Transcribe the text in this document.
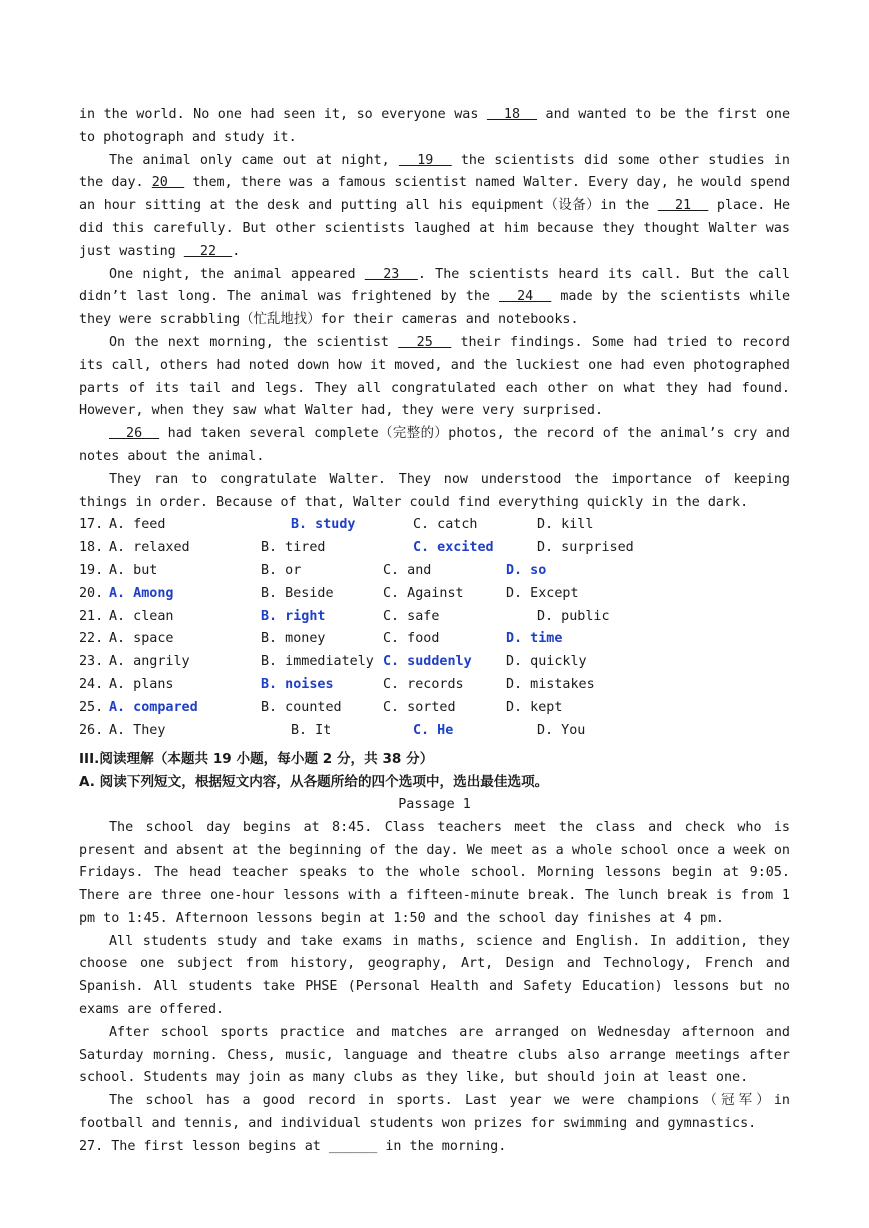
in the world. No one had seen it, so everyone was   18   and wanted to be the first one to photograph and study it.

The animal only came out at night,   19   the scientists did some other studies in the day. 20   them, there was a famous scientist named Walter. Every day, he would spend an hour sitting at the desk and putting all his equipment（设备）in the   21   place. He did this carefully. But other scientists laughed at him because they thought Walter was just wasting   22  .

One night, the animal appeared   23  . The scientists heard its call. But the call didn’t last long. The animal was frightened by the   24   made by the scientists while they were scrabbling（忙乱地找）for their cameras and notebooks.

On the next morning, the scientist   25   their findings. Some had tried to record its call, others had noted down how it moved, and the luckiest one had even photographed parts of its tail and legs. They all congratulated each other on what they had found. However, when they saw what Walter had, they were very surprised.

26   had taken several complete（完整的）photos, the record of the animal’s cry and notes about the animal.

They ran to congratulate Walter. They now understood the importance of keeping things in order. Because of that, Walter could find everything quickly in the dark.

17. A. feed	B. study	C. catch	D. kill
18. A. relaxed	B. tired	C. excited	D. surprised
19. A. but	B. or	C. and	D. so
20. A. Among	B. Beside	C. Against	D. Except
21. A. clean	B. right	C. safe	D. public
22. A. space	B. money	C. food	D. time
23. A. angrily	B. immediately C. suddenly	D. quickly
24. A. plans	B. noises	C. records	D. mistakes
25. A. compared	B. counted	C. sorted	D. kept
26. A. They	B. It	C. He	D. You

III.阅读理解（本题共 19 小题，每小题 2 分，共 38 分）

A. 阅读下列短文，根据短文内容，从各题所给的四个选项中，选出最佳选项。

Passage 1

The school day begins at 8:45. Class teachers meet the class and check who is present and absent at the beginning of the day. We meet as a whole school once a week on Fridays. The head teacher speaks to the whole school. Morning lessons begin at 9:05. There are three one-hour lessons with a fifteen-minute break. The lunch break is from 1 pm to 1:45. Afternoon lessons begin at 1:50 and the school day finishes at 4 pm.

All students study and take exams in maths, science and English. In addition, they choose one subject from history, geography, Art, Design and Technology, French and Spanish. All students take PHSE (Personal Health and Safety Education) lessons but no exams are offered.

After school sports practice and matches are arranged on Wednesday afternoon and Saturday morning. Chess, music, language and theatre clubs also arrange meetings after school. Students may join as many clubs as they like, but should join at least one.

The school has a good record in sports. Last year we were champions（冠军）in football and tennis, and individual students won prizes for swimming and gymnastics.

27. The first lesson begins at ______ in the morning.
